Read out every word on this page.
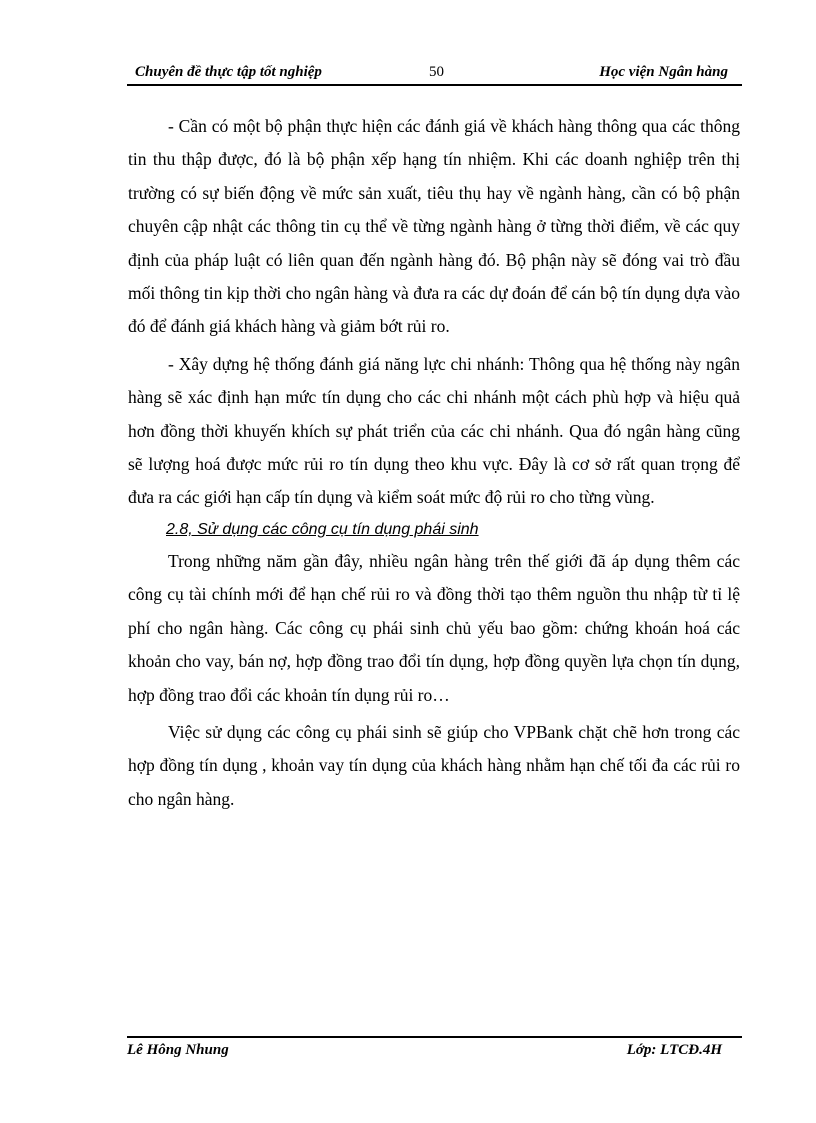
Chuyên đề thực tập tốt nghiệp	50	Học viện Ngân hàng

- Cần có một bộ phận thực hiện các đánh giá về khách hàng thông qua các thông tin thu thập được, đó là bộ phận xếp hạng tín nhiệm. Khi các doanh nghiệp trên thị trường có sự biến động về mức sản xuất, tiêu thụ hay về ngành hàng, cần có bộ phận chuyên cập nhật các thông tin cụ thể về từng ngành hàng ở từng thời điểm, về các quy định của pháp luật có liên quan đến ngành hàng đó. Bộ phận này sẽ đóng vai trò đầu mối thông tin kịp thời cho ngân hàng và đưa ra các dự đoán để cán bộ tín dụng dựa vào đó để đánh giá khách hàng và giảm bớt rủi ro.

- Xây dựng hệ thống đánh giá năng lực chi nhánh: Thông qua hệ thống này ngân hàng sẽ xác định hạn mức tín dụng cho các chi nhánh một cách phù hợp và hiệu quả hơn đồng thời khuyến khích sự phát triển của các chi nhánh. Qua đó ngân hàng cũng sẽ lượng hoá được mức rủi ro tín dụng theo khu vực. Đây là cơ sở rất quan trọng để đưa ra các giới hạn cấp tín dụng và kiểm soát mức độ rủi ro cho từng vùng.

2.8, Sử dụng các công cụ tín dụng phái sinh

Trong những năm gần đây, nhiều ngân hàng trên thế giới đã áp dụng thêm các công cụ tài chính mới để hạn chế rủi ro và đồng thời tạo thêm nguồn thu nhập từ tỉ lệ phí cho ngân hàng. Các công cụ phái sinh chủ yếu bao gồm: chứng khoán hoá các khoản cho vay, bán nợ, hợp đồng trao đổi tín dụng, hợp đồng quyền lựa chọn tín dụng, hợp đồng trao đổi các khoản tín dụng rủi ro…

Việc sử dụng các công cụ phái sinh sẽ giúp cho VPBank chặt chẽ hơn trong các hợp đồng tín dụng , khoản vay tín dụng của khách hàng nhằm hạn chế tối đa các rủi ro cho ngân hàng.

Lê Hông Nhung	Lớp: LTCĐ.4H
